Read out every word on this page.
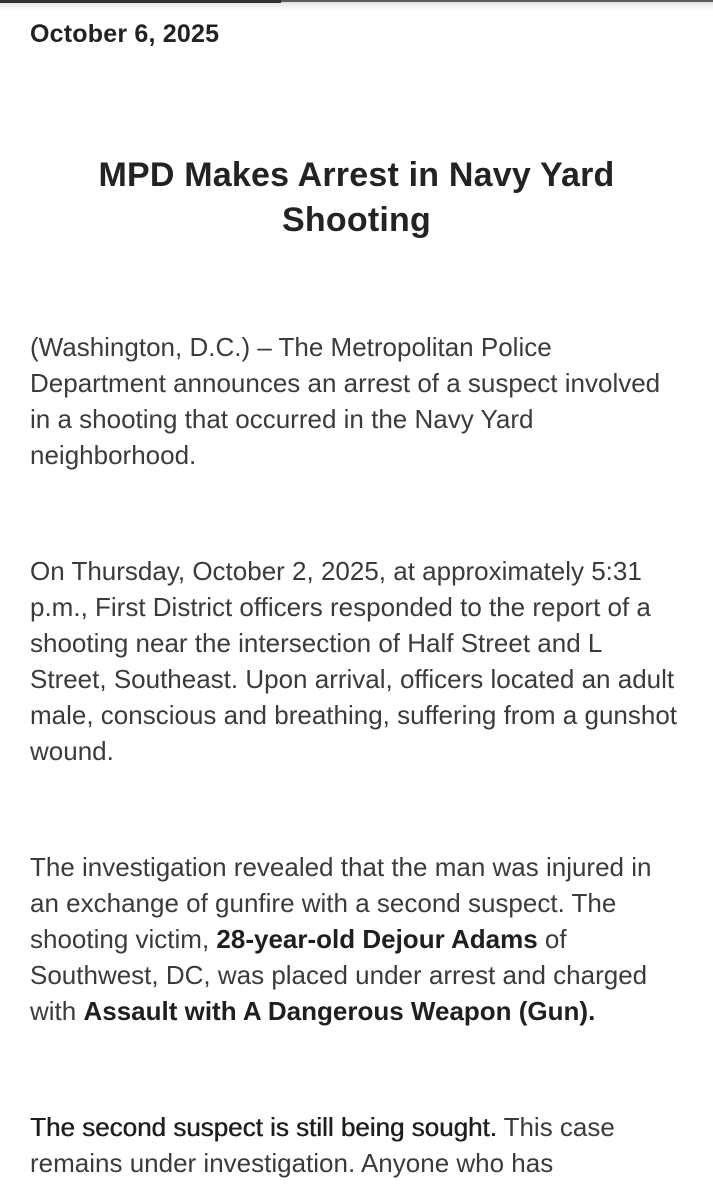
October 6, 2025
MPD Makes Arrest in Navy Yard Shooting

(Washington, D.C.) – The Metropolitan Police Department announces an arrest of a suspect involved in a shooting that occurred in the Navy Yard neighborhood.

On Thursday, October 2, 2025, at approximately 5:31 p.m., First District officers responded to the report of a shooting near the intersection of Half Street and L Street, Southeast. Upon arrival, officers located an adult male, conscious and breathing, suffering from a gunshot wound.

The investigation revealed that the man was injured in an exchange of gunfire with a second suspect. The shooting victim, 28-year-old Dejour Adams of Southwest, DC, was placed under arrest and charged with Assault with A Dangerous Weapon (Gun).

The second suspect is still being sought. This case remains under investigation. Anyone who has
